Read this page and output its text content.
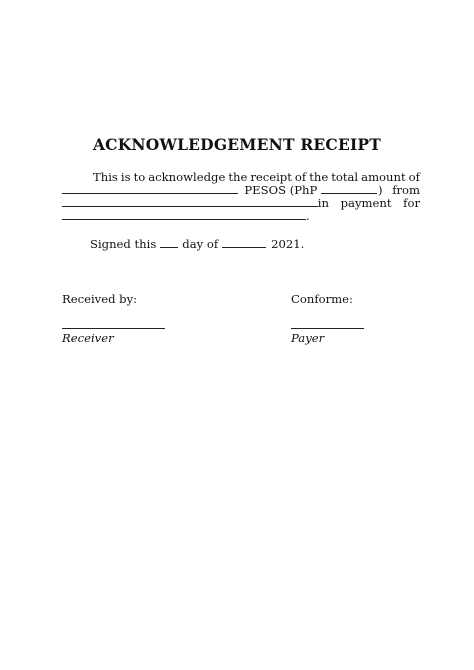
ACKNOWLEDGEMENT RECEIPT
This is to acknowledge the receipt of the total amount of
PESOS (PhP	) from
in payment for
.
Signed this day of	2021.
Received by:	Conforme:
Receiver	Payer
